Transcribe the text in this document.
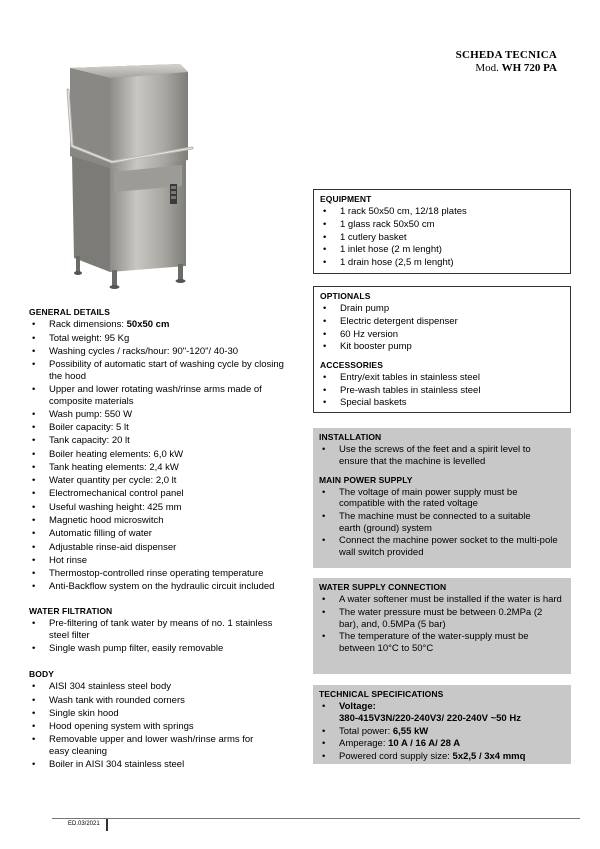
SCHEDA TECNICA
Mod. WH 720 PA
GENERAL DETAILS
• Rack dimensions: 50x50 cm
• Total weight: 95 Kg
• Washing cycles / racks/hour: 90"-120"/ 40-30
• Possibility of automatic start of washing cycle by closing the hood
• Upper and lower rotating wash/rinse arms made of composite materials
• Wash pump: 550 W
• Boiler capacity: 5 lt
• Tank capacity: 20 lt
• Boiler heating elements: 6,0 kW
• Tank heating elements: 2,4 kW
• Water quantity per cycle: 2,0 lt
• Electromechanical control panel
• Useful washing height: 425 mm
• Magnetic hood microswitch
• Automatic filling of water
• Adjustable rinse-aid dispenser
• Hot rinse
• Thermostop-controlled rinse operating temperature
• Anti-Backflow system on the hydraulic circuit included
WATER FILTRATION
• Pre-filtering of tank water by means of no. 1 stainless steel filter
• Single wash pump filter, easily removable
BODY
• AISI 304 stainless steel body
• Wash tank with rounded corners
• Single skin hood
• Hood opening system with springs
• Removable upper and lower wash/rinse arms for easy cleaning
• Boiler in AISI 304 stainless steel
EQUIPMENT
• 1 rack 50x50 cm, 12/18 plates
• 1 glass rack 50x50 cm
• 1 cutlery basket
• 1 inlet hose (2 m lenght)
• 1 drain hose (2,5 m lenght)
OPTIONALS
• Drain pump
• Electric detergent dispenser
• 60 Hz version
• Kit booster pump
ACCESSORIES
• Entry/exit tables in stainless steel
• Pre-wash tables in stainless steel
• Special baskets
INSTALLATION
• Use the screws of the feet and a spirit level to ensure that the machine is levelled
MAIN POWER SUPPLY
• The voltage of main power supply must be compatible with the rated voltage
• The machine must be connected to a suitable earth (ground) system
• Connect the machine power socket to the multi-pole wall switch provided
WATER SUPPLY CONNECTION
• A water softener must be installed if the water is hard
• The water pressure must be between 0.2MPa (2 bar), and, 0.5MPa (5 bar)
• The temperature of the water-supply must be between 10°C to 50°C
TECHNICAL SPECIFICATIONS
• Voltage:
380-415V3N/220-240V3/ 220-240V ~50 Hz
• Total power: 6,55 kW
• Amperage: 10 A / 16 A/ 28 A
• Powered cord supply size: 5x2,5 / 3x4 mmq
ED.03/2021
